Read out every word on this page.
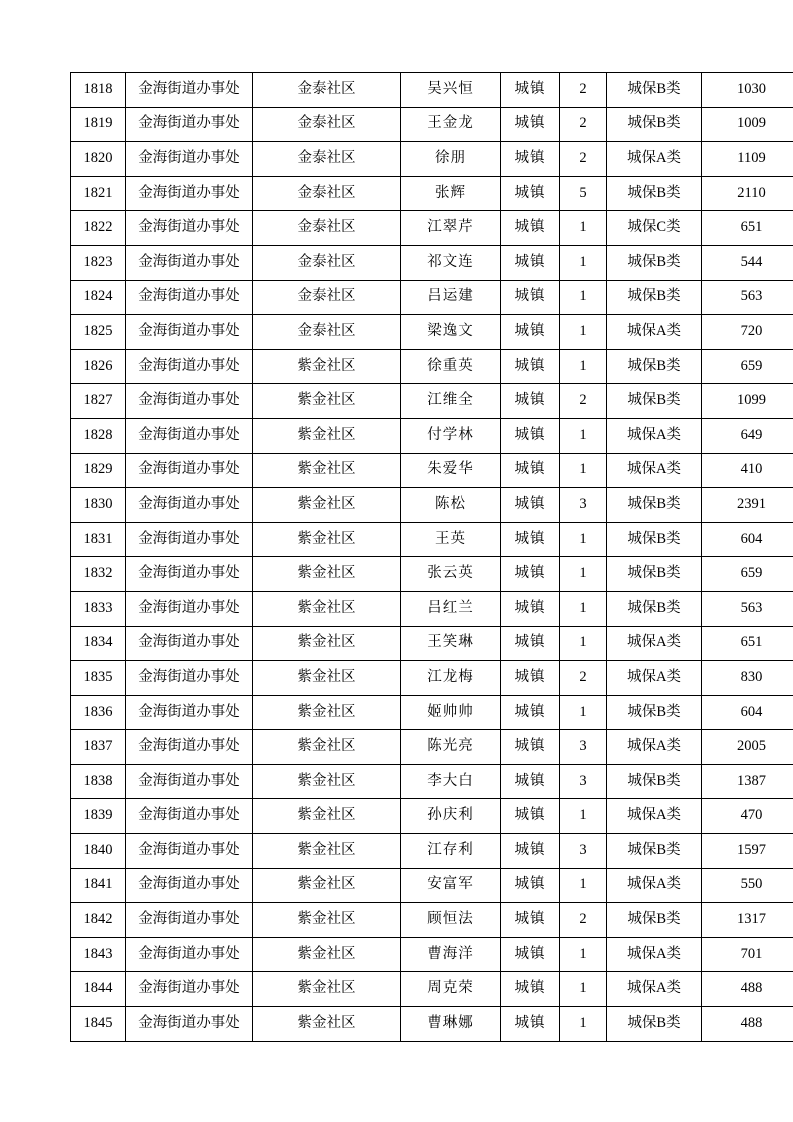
1818	金海街道办事处	金泰社区	吴兴恒	城镇	2	城保B类	1030
1819	金海街道办事处	金泰社区	王金龙	城镇	2	城保B类	1009
1820	金海街道办事处	金泰社区	徐朋	城镇	2	城保A类	1109
1821	金海街道办事处	金泰社区	张辉	城镇	5	城保B类	2110
1822	金海街道办事处	金泰社区	江翠芹	城镇	1	城保C类	651
1823	金海街道办事处	金泰社区	祁文连	城镇	1	城保B类	544
1824	金海街道办事处	金泰社区	吕运建	城镇	1	城保B类	563
1825	金海街道办事处	金泰社区	梁逸文	城镇	1	城保A类	720
1826	金海街道办事处	紫金社区	徐重英	城镇	1	城保B类	659
1827	金海街道办事处	紫金社区	江维全	城镇	2	城保B类	1099
1828	金海街道办事处	紫金社区	付学林	城镇	1	城保A类	649
1829	金海街道办事处	紫金社区	朱爱华	城镇	1	城保A类	410
1830	金海街道办事处	紫金社区	陈松	城镇	3	城保B类	2391
1831	金海街道办事处	紫金社区	王英	城镇	1	城保B类	604
1832	金海街道办事处	紫金社区	张云英	城镇	1	城保B类	659
1833	金海街道办事处	紫金社区	吕红兰	城镇	1	城保B类	563
1834	金海街道办事处	紫金社区	王笑琳	城镇	1	城保A类	651
1835	金海街道办事处	紫金社区	江龙梅	城镇	2	城保A类	830
1836	金海街道办事处	紫金社区	姬帅帅	城镇	1	城保B类	604
1837	金海街道办事处	紫金社区	陈光亮	城镇	3	城保A类	2005
1838	金海街道办事处	紫金社区	李大白	城镇	3	城保B类	1387
1839	金海街道办事处	紫金社区	孙庆利	城镇	1	城保A类	470
1840	金海街道办事处	紫金社区	江存利	城镇	3	城保B类	1597
1841	金海街道办事处	紫金社区	安富军	城镇	1	城保A类	550
1842	金海街道办事处	紫金社区	顾恒法	城镇	2	城保B类	1317
1843	金海街道办事处	紫金社区	曹海洋	城镇	1	城保A类	701
1844	金海街道办事处	紫金社区	周克荣	城镇	1	城保A类	488
1845	金海街道办事处	紫金社区	曹琳娜	城镇	1	城保B类	488
